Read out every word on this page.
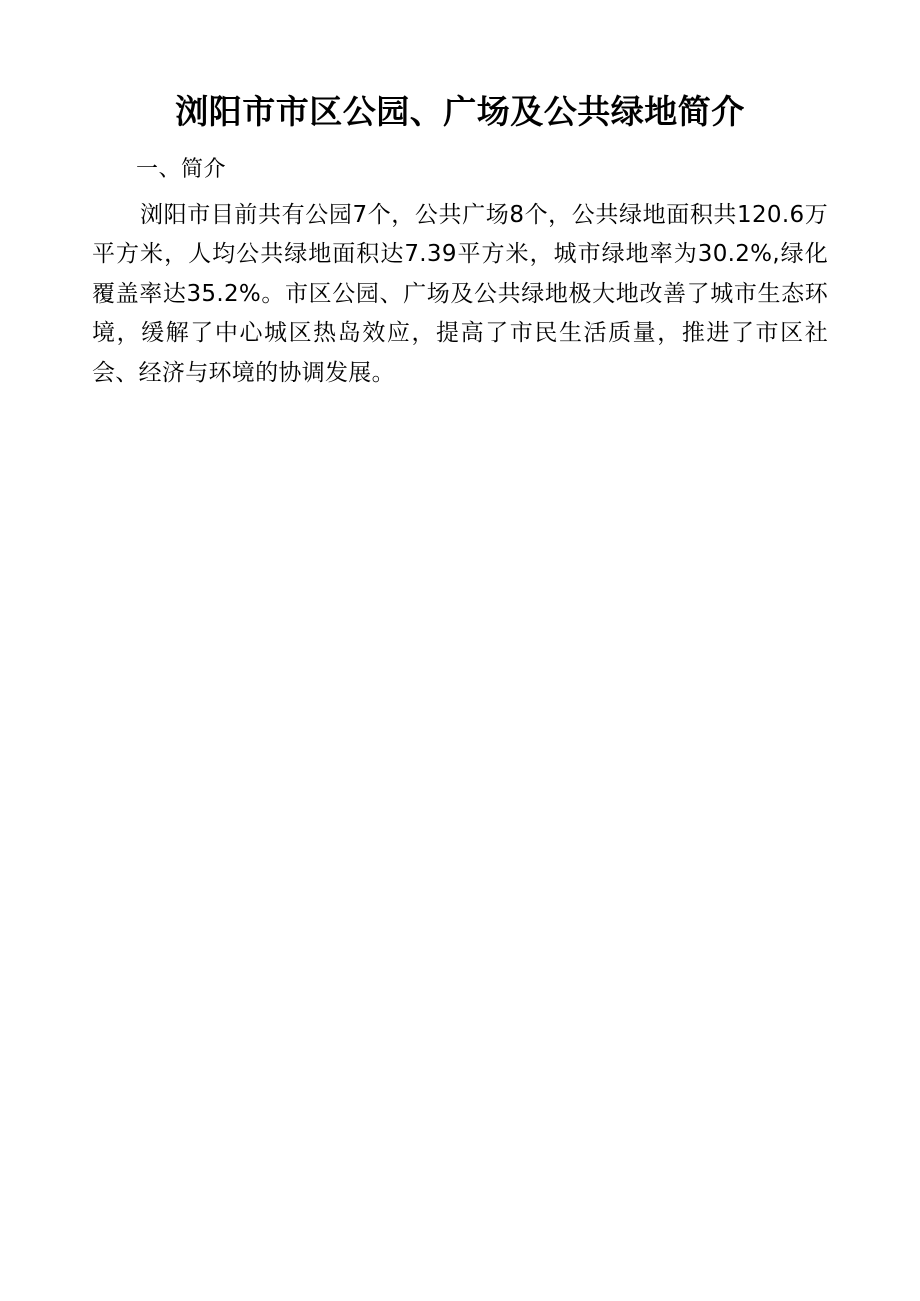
浏阳市市区公园、广场及公共绿地简介
一、简介

浏阳市目前共有公园7个，公共广场8个，公共绿地面积共120.6万平方米，人均公共绿地面积达7.39平方米，城市绿地率为30.2%,绿化覆盖率达35.2%。市区公园、广场及公共绿地极大地改善了城市生态环境，缓解了中心城区热岛效应，提高了市民生活质量，推进了市区社会、经济与环境的协调发展。
